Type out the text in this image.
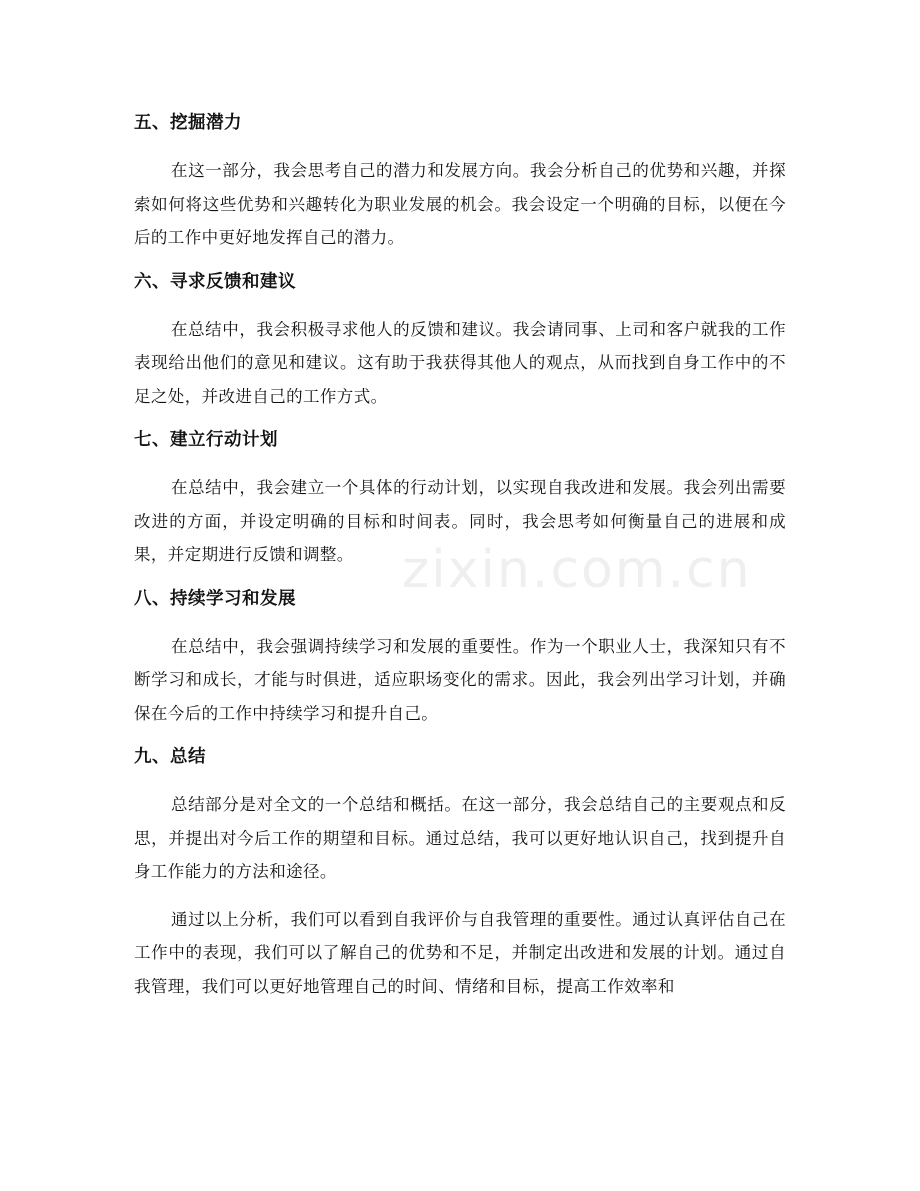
zixin.com.cn
五、挖掘潜力

在这一部分，我会思考自己的潜力和发展方向。我会分析自己的优势和兴趣，并探索如何将这些优势和兴趣转化为职业发展的机会。我会设定一个明确的目标，以便在今后的工作中更好地发挥自己的潜力。

六、寻求反馈和建议

在总结中，我会积极寻求他人的反馈和建议。我会请同事、上司和客户就我的工作表现给出他们的意见和建议。这有助于我获得其他人的观点，从而找到自身工作中的不足之处，并改进自己的工作方式。

七、建立行动计划

在总结中，我会建立一个具体的行动计划，以实现自我改进和发展。我会列出需要改进的方面，并设定明确的目标和时间表。同时，我会思考如何衡量自己的进展和成果，并定期进行反馈和调整。

八、持续学习和发展

在总结中，我会强调持续学习和发展的重要性。作为一个职业人士，我深知只有不断学习和成长，才能与时俱进，适应职场变化的需求。因此，我会列出学习计划，并确保在今后的工作中持续学习和提升自己。

九、总结

总结部分是对全文的一个总结和概括。在这一部分，我会总结自己的主要观点和反思，并提出对今后工作的期望和目标。通过总结，我可以更好地认识自己，找到提升自身工作能力的方法和途径。

通过以上分析，我们可以看到自我评价与自我管理的重要性。通过认真评估自己在工作中的表现，我们可以了解自己的优势和不足，并制定出改进和发展的计划。通过自我管理，我们可以更好地管理自己的时间、情绪和目标，提高工作效率和
